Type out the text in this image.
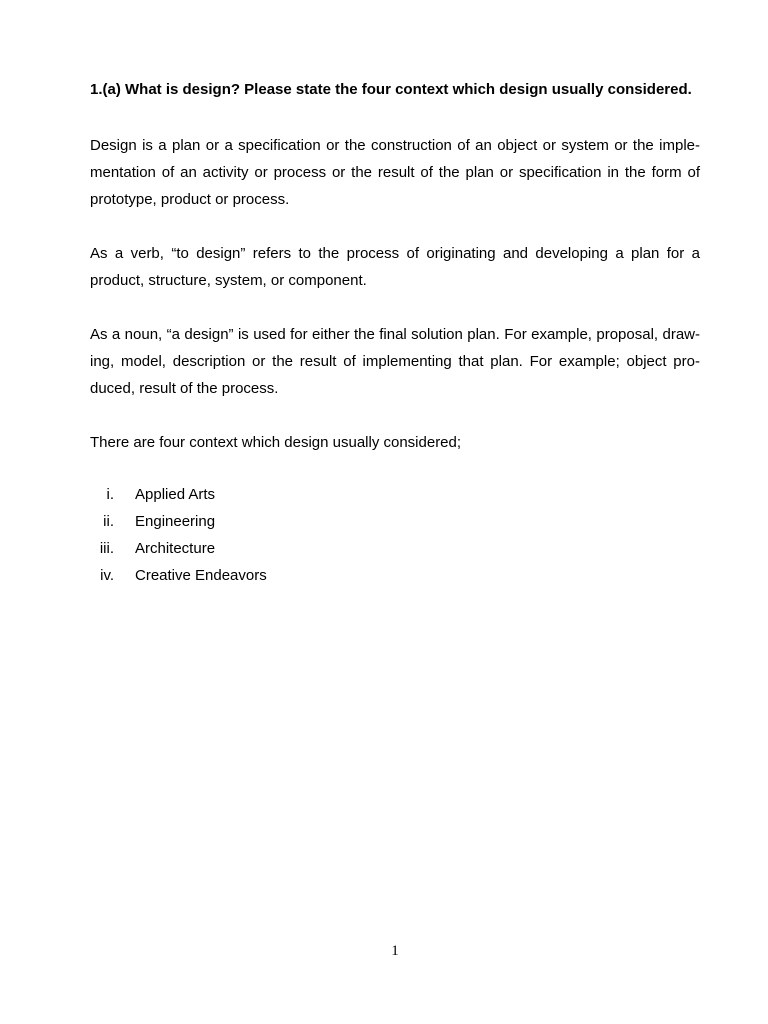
1.(a) What is design? Please state the four context which design usually considered.

Design is a plan or a specification or the construction of an object or system or the implementation of an activity or process or the result of the plan or specification in the form of prototype, product or process.

As a verb, “to design” refers to the process of originating and developing a plan for a product, structure, system, or component.

As a noun, “a design” is used for either the final solution plan. For example, proposal, drawing, model, description or the result of implementing that plan. For example; object produced, result of the process.

There are four context which design usually considered;

i. Applied Arts
ii. Engineering
iii. Architecture
iv. Creative Endeavors
1
